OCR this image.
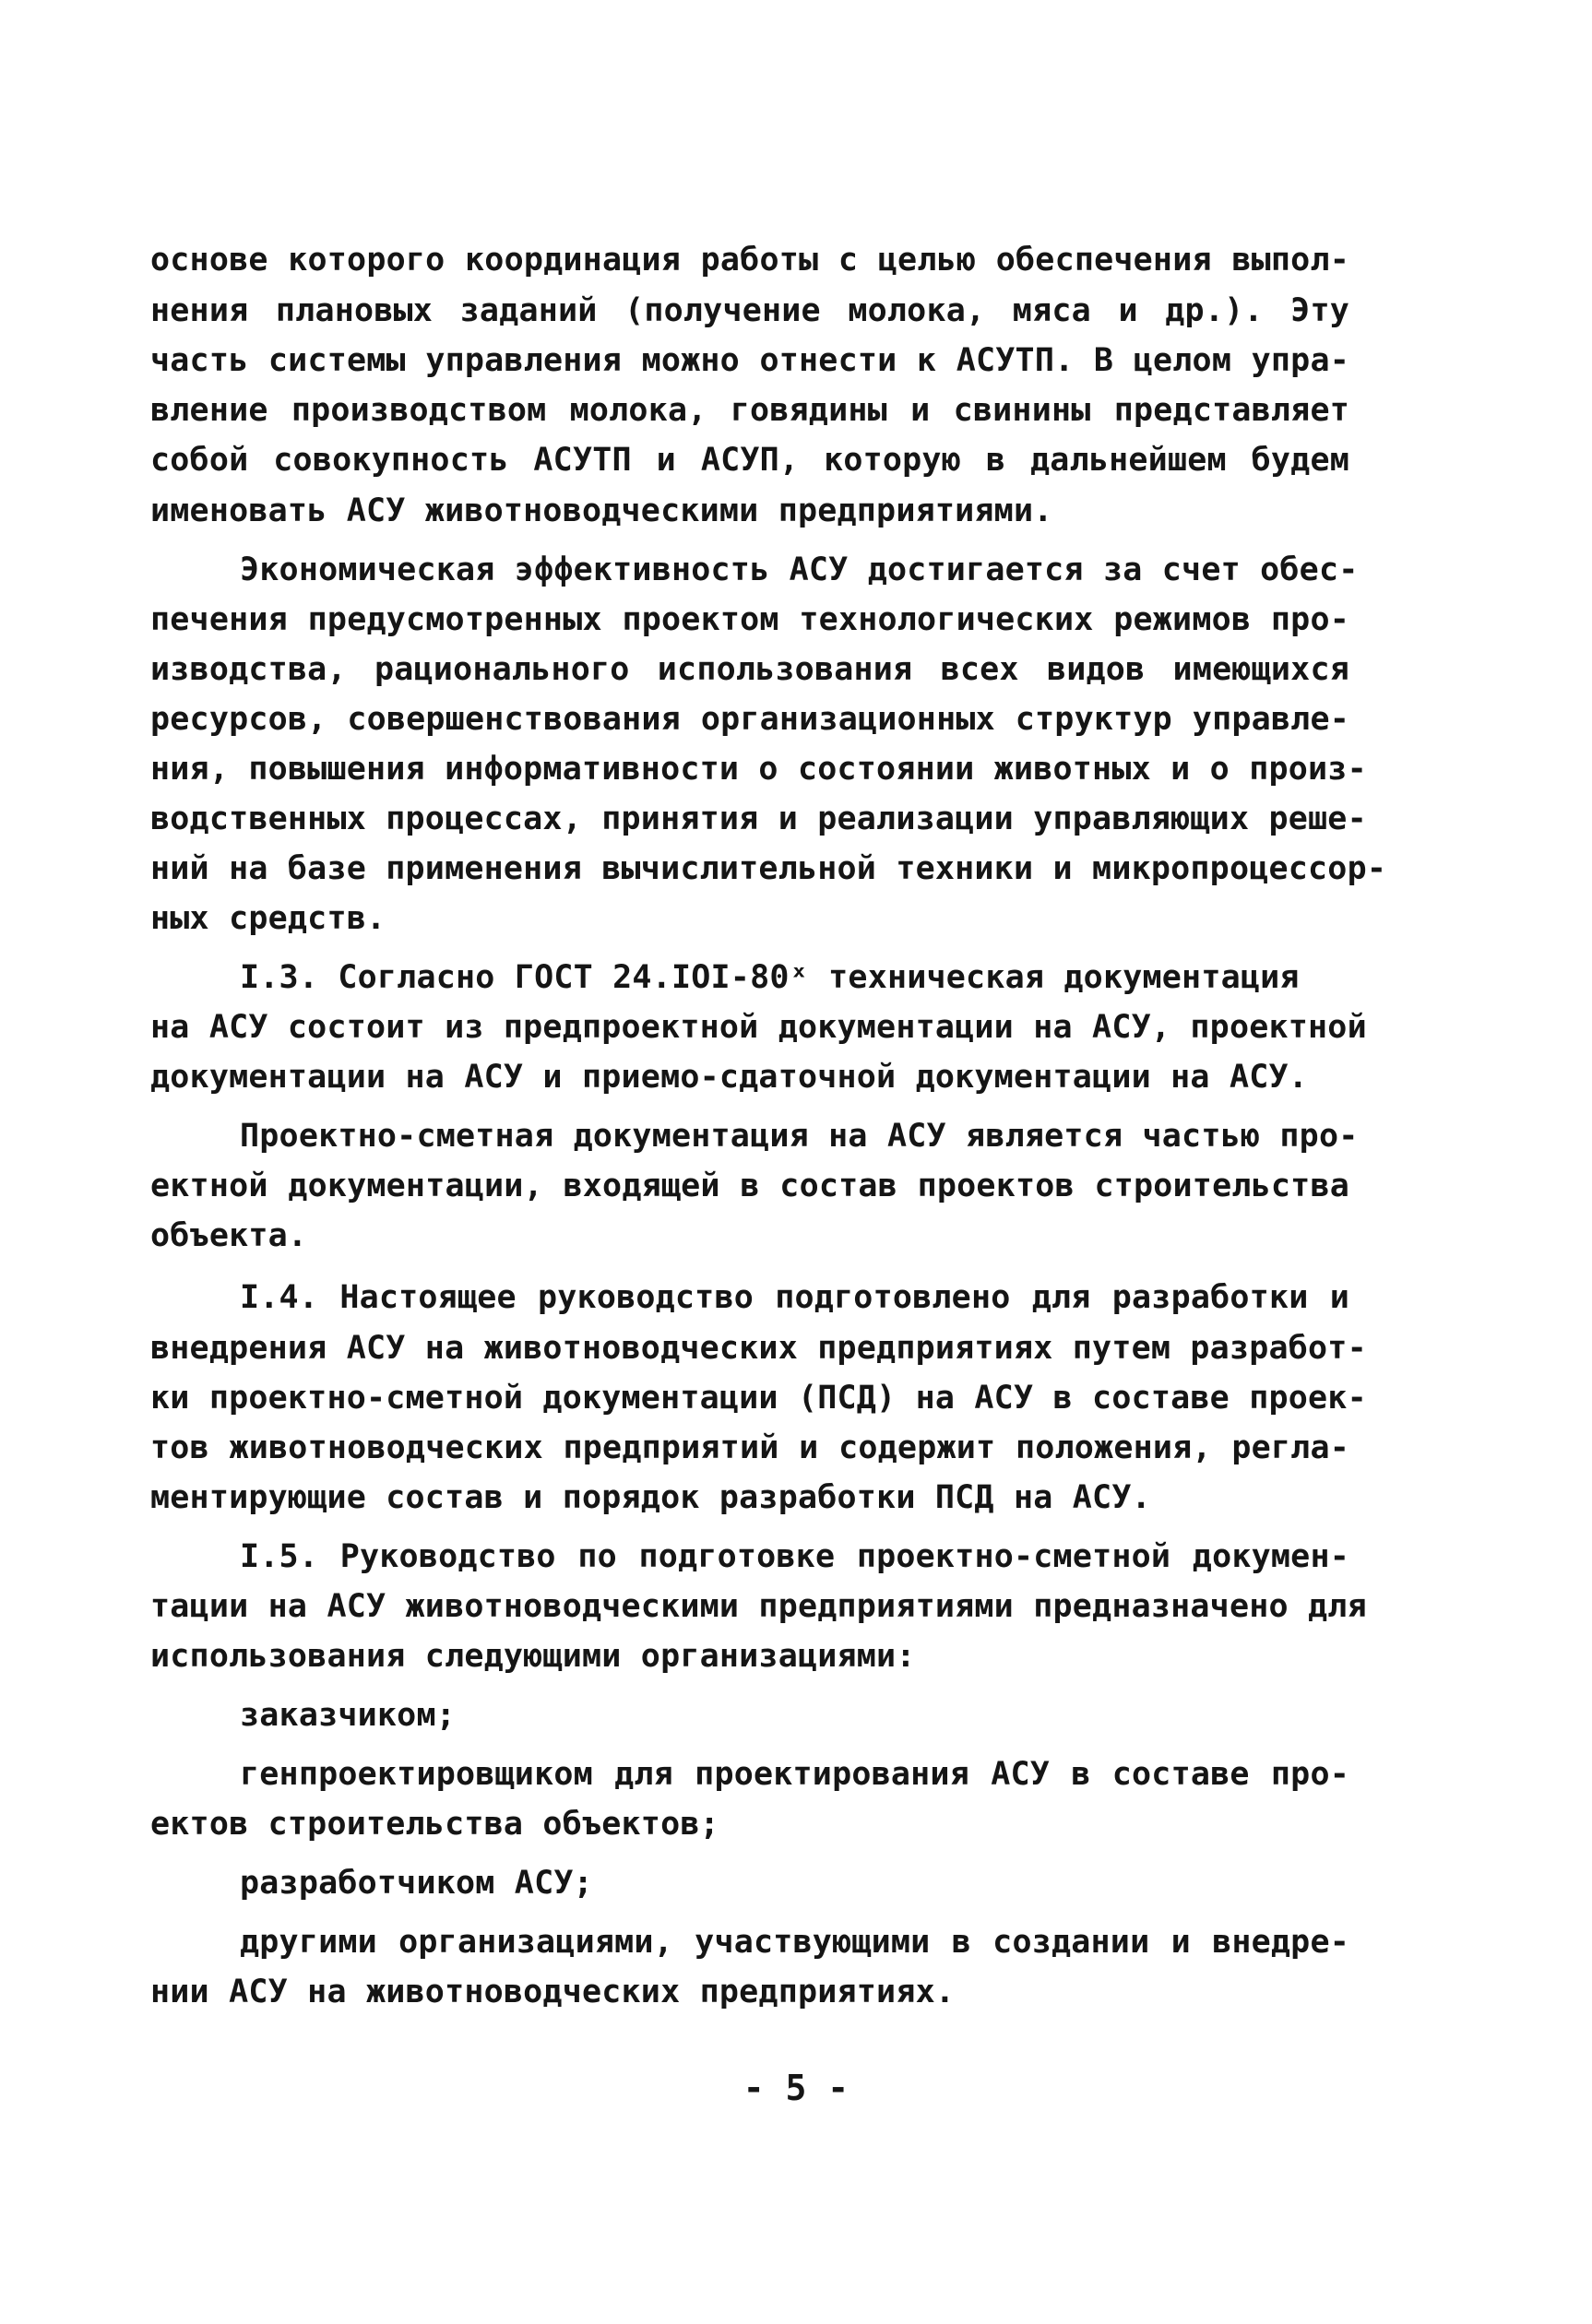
основе которого координация работы с целью обеспечения выпол-

нения плановых заданий (получение молока, мяса и др.). Эту

часть системы управления можно отнести к АСУТП. В целом упра-

вление производством молока, говядины и свинины представляет

собой совокупность АСУТП и АСУП, которую в дальнейшем будем

именовать АСУ животноводческими предприятиями.

Экономическая эффективность АСУ достигается за счет обес-

печения предусмотренных проектом технологических режимов про-

изводства, рационального использования всех видов имеющихся

ресурсов, совершенствования организационных структур управле-

ния, повышения информативности о состоянии животных и о произ-

водственных процессах, принятия и реализации управляющих реше-

ний на базе применения вычислительной техники и микропроцессор-

ных средств.

I.3. Согласно ГОСТ 24.IOI-80ˣ техническая документация

на АСУ состоит из предпроектной документации на АСУ, проектной

документации на АСУ и приемо-сдаточной документации на АСУ.

Проектно-сметная документация на АСУ является частью про-

ектной документации, входящей в состав проектов строительства

объекта.

I.4. Настоящее руководство подготовлено для разработки и

внедрения АСУ на животноводческих предприятиях путем разработ-

ки проектно-сметной документации (ПСД) на АСУ в составе проек-

тов животноводческих предприятий и содержит положения, регла-

ментирующие состав и порядок разработки ПСД на АСУ.

I.5. Руководство по подготовке проектно-сметной докумен-

тации на АСУ животноводческими предприятиями предназначено для

использования следующими организациями:

заказчиком;

генпроектировщиком для проектирования АСУ в составе про-

ектов строительства объектов;

разработчиком АСУ;

другими организациями, участвующими в создании и внедре-

нии АСУ на животноводческих предприятиях.

- 5 -
